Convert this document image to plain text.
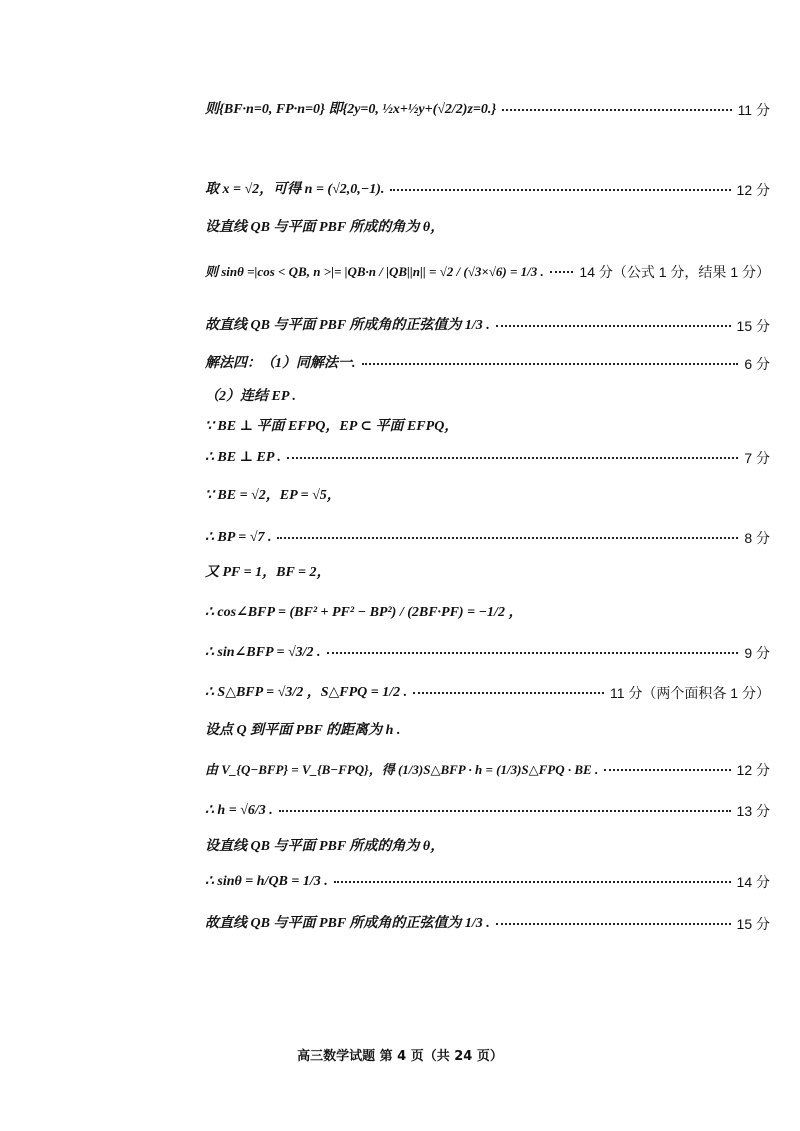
则{BF·n=0, FP·n=0} 即{2y=0, ½x+½y+(√2/2)z=0.}	11 分
取 x = √2，可得 n = (√2,0,−1).	12 分
设直线 QB 与平面 PBF 所成的角为 θ，
则 sinθ =|cos < QB, n >|= |QB·n / |QB||n|| = √2 / (√3×√6) = 1/3 .	14 分（公式 1 分，结果 1 分）
故直线 QB 与平面 PBF 所成角的正弦值为 1/3 .	15 分
解法四：（1）同解法一.	6 分
（2）连结 EP .
∵ BE ⊥ 平面 EFPQ，EP ⊂ 平面 EFPQ，
∴ BE ⊥ EP .	7 分
∵ BE = √2，EP = √5，
∴ BP = √7 .	8 分
又 PF = 1，BF = 2，
∴ cos∠BFP = (BF² + PF² − BP²) / (2BF·PF) = −1/2 ，
∴ sin∠BFP = √3/2 .	9 分
∴ S△BFP = √3/2 ，S△FPQ = 1/2 .	11 分（两个面积各 1 分）
设点 Q 到平面 PBF 的距离为 h .
由 V_{Q−BFP} = V_{B−FPQ}，得 (1/3)S△BFP · h = (1/3)S△FPQ · BE .	12 分
∴ h = √6/3 .	13 分
设直线 QB 与平面 PBF 所成的角为 θ，
∴ sinθ = h/QB = 1/3 .	14 分
故直线 QB 与平面 PBF 所成角的正弦值为 1/3 .	15 分
高三数学试题 第 4 页（共 24 页）
